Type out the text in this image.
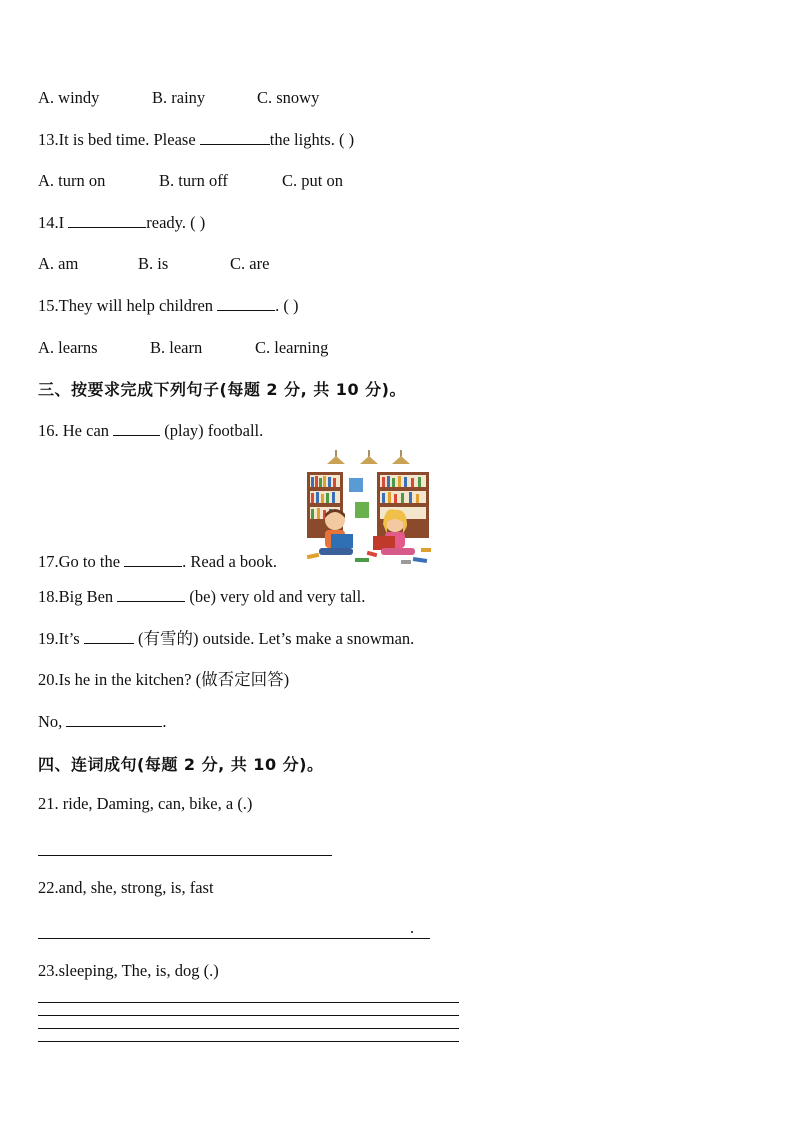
A. windy	B. rainy	C. snowy
13.It is bed time. Please	the lights. ( )
A. turn on	B. turn off	C. put on
14.I	ready. ( )
A. am	B. is	C. are
15.They will help children	. ( )
A. learns	B. learn	C. learning
三、按要求完成下列句子(每题 2 分, 共 10 分)。
16. He can	(play) football.
17.Go to the	. Read a book.
18.Big Ben	(be) very old and very tall.
19.It’s	(有雪的) outside. Let’s make a snowman.
20.Is he in the kitchen? (做否定回答)
No,	.
四、连词成句(每题 2 分, 共 10 分)。
21. ride, Daming, can, bike, a (.)
22.and, she, strong, is, fast
.
23.sleeping, The, is, dog (.)
